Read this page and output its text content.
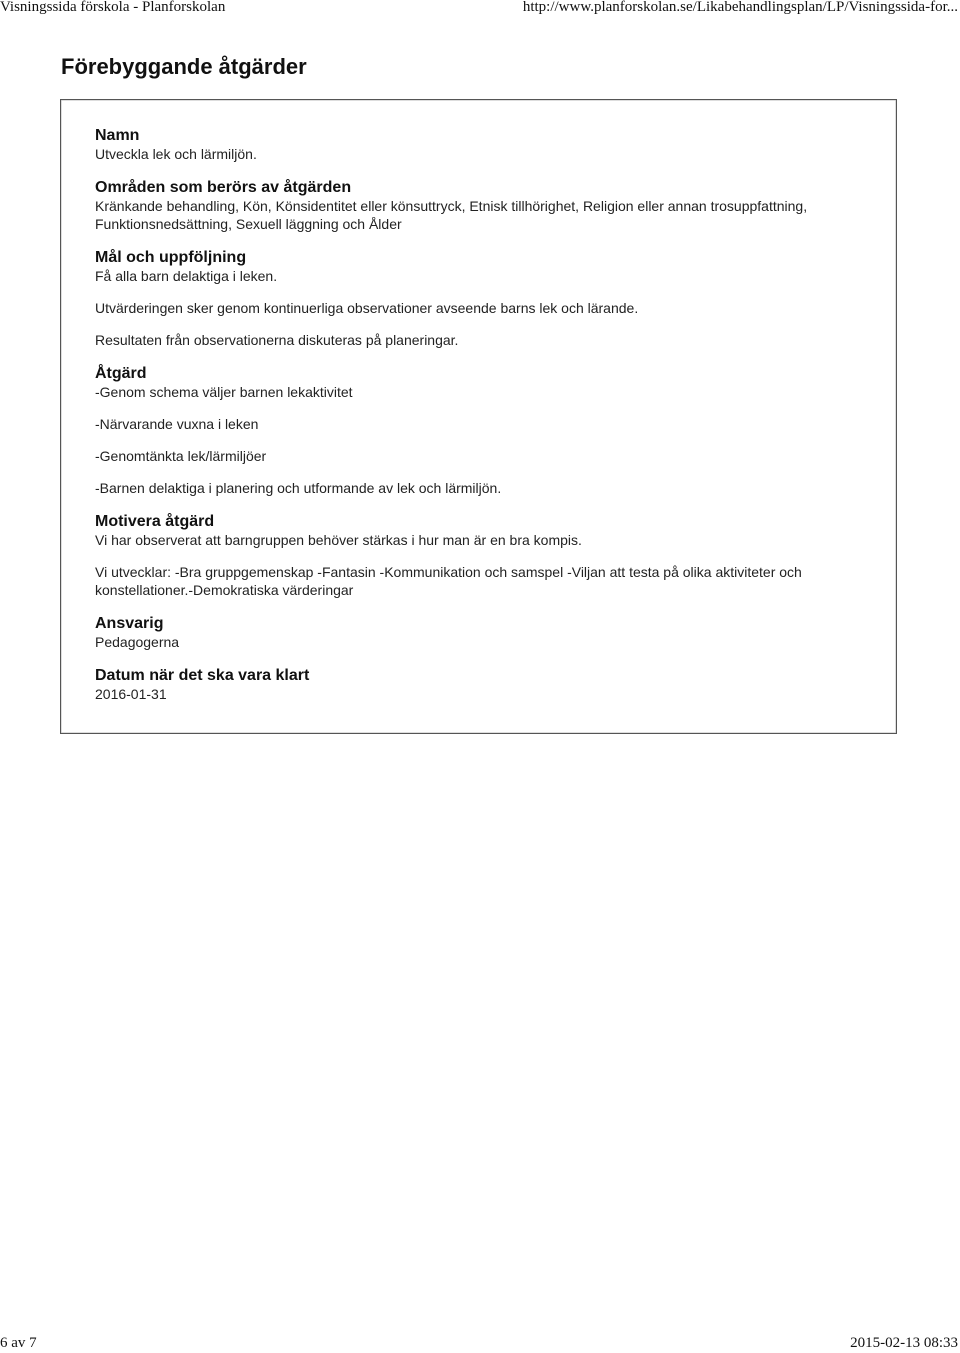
Visningssida förskola - Planforskolan	http://www.planforskolan.se/Likabehandlingsplan/LP/Visningssida-for...
Förebyggande åtgärder

Namn

Utveckla lek och lärmiljön.

Områden som berörs av åtgärden

Kränkande behandling, Kön, Könsidentitet eller könsuttryck, Etnisk tillhörighet, Religion eller annan trosuppfattning, Funktionsnedsättning, Sexuell läggning och Ålder

Mål och uppföljning

Få alla barn delaktiga i leken.

Utvärderingen sker genom kontinuerliga observationer avseende barns lek och lärande.

Resultaten från observationerna diskuteras på planeringar.

Åtgärd

-Genom schema väljer barnen lekaktivitet

-Närvarande vuxna i leken

-Genomtänkta lek/lärmiljöer

-Barnen delaktiga i planering och utformande av lek och lärmiljön.

Motivera åtgärd

Vi har observerat att barngruppen behöver stärkas i hur man är en bra kompis.

Vi utvecklar: -Bra gruppgemenskap -Fantasin -Kommunikation och samspel -Viljan att testa på olika aktiviteter och konstellationer.-Demokratiska värderingar

Ansvarig

Pedagogerna

Datum när det ska vara klart

2016-01-31

6 av 7	2015-02-13 08:33
